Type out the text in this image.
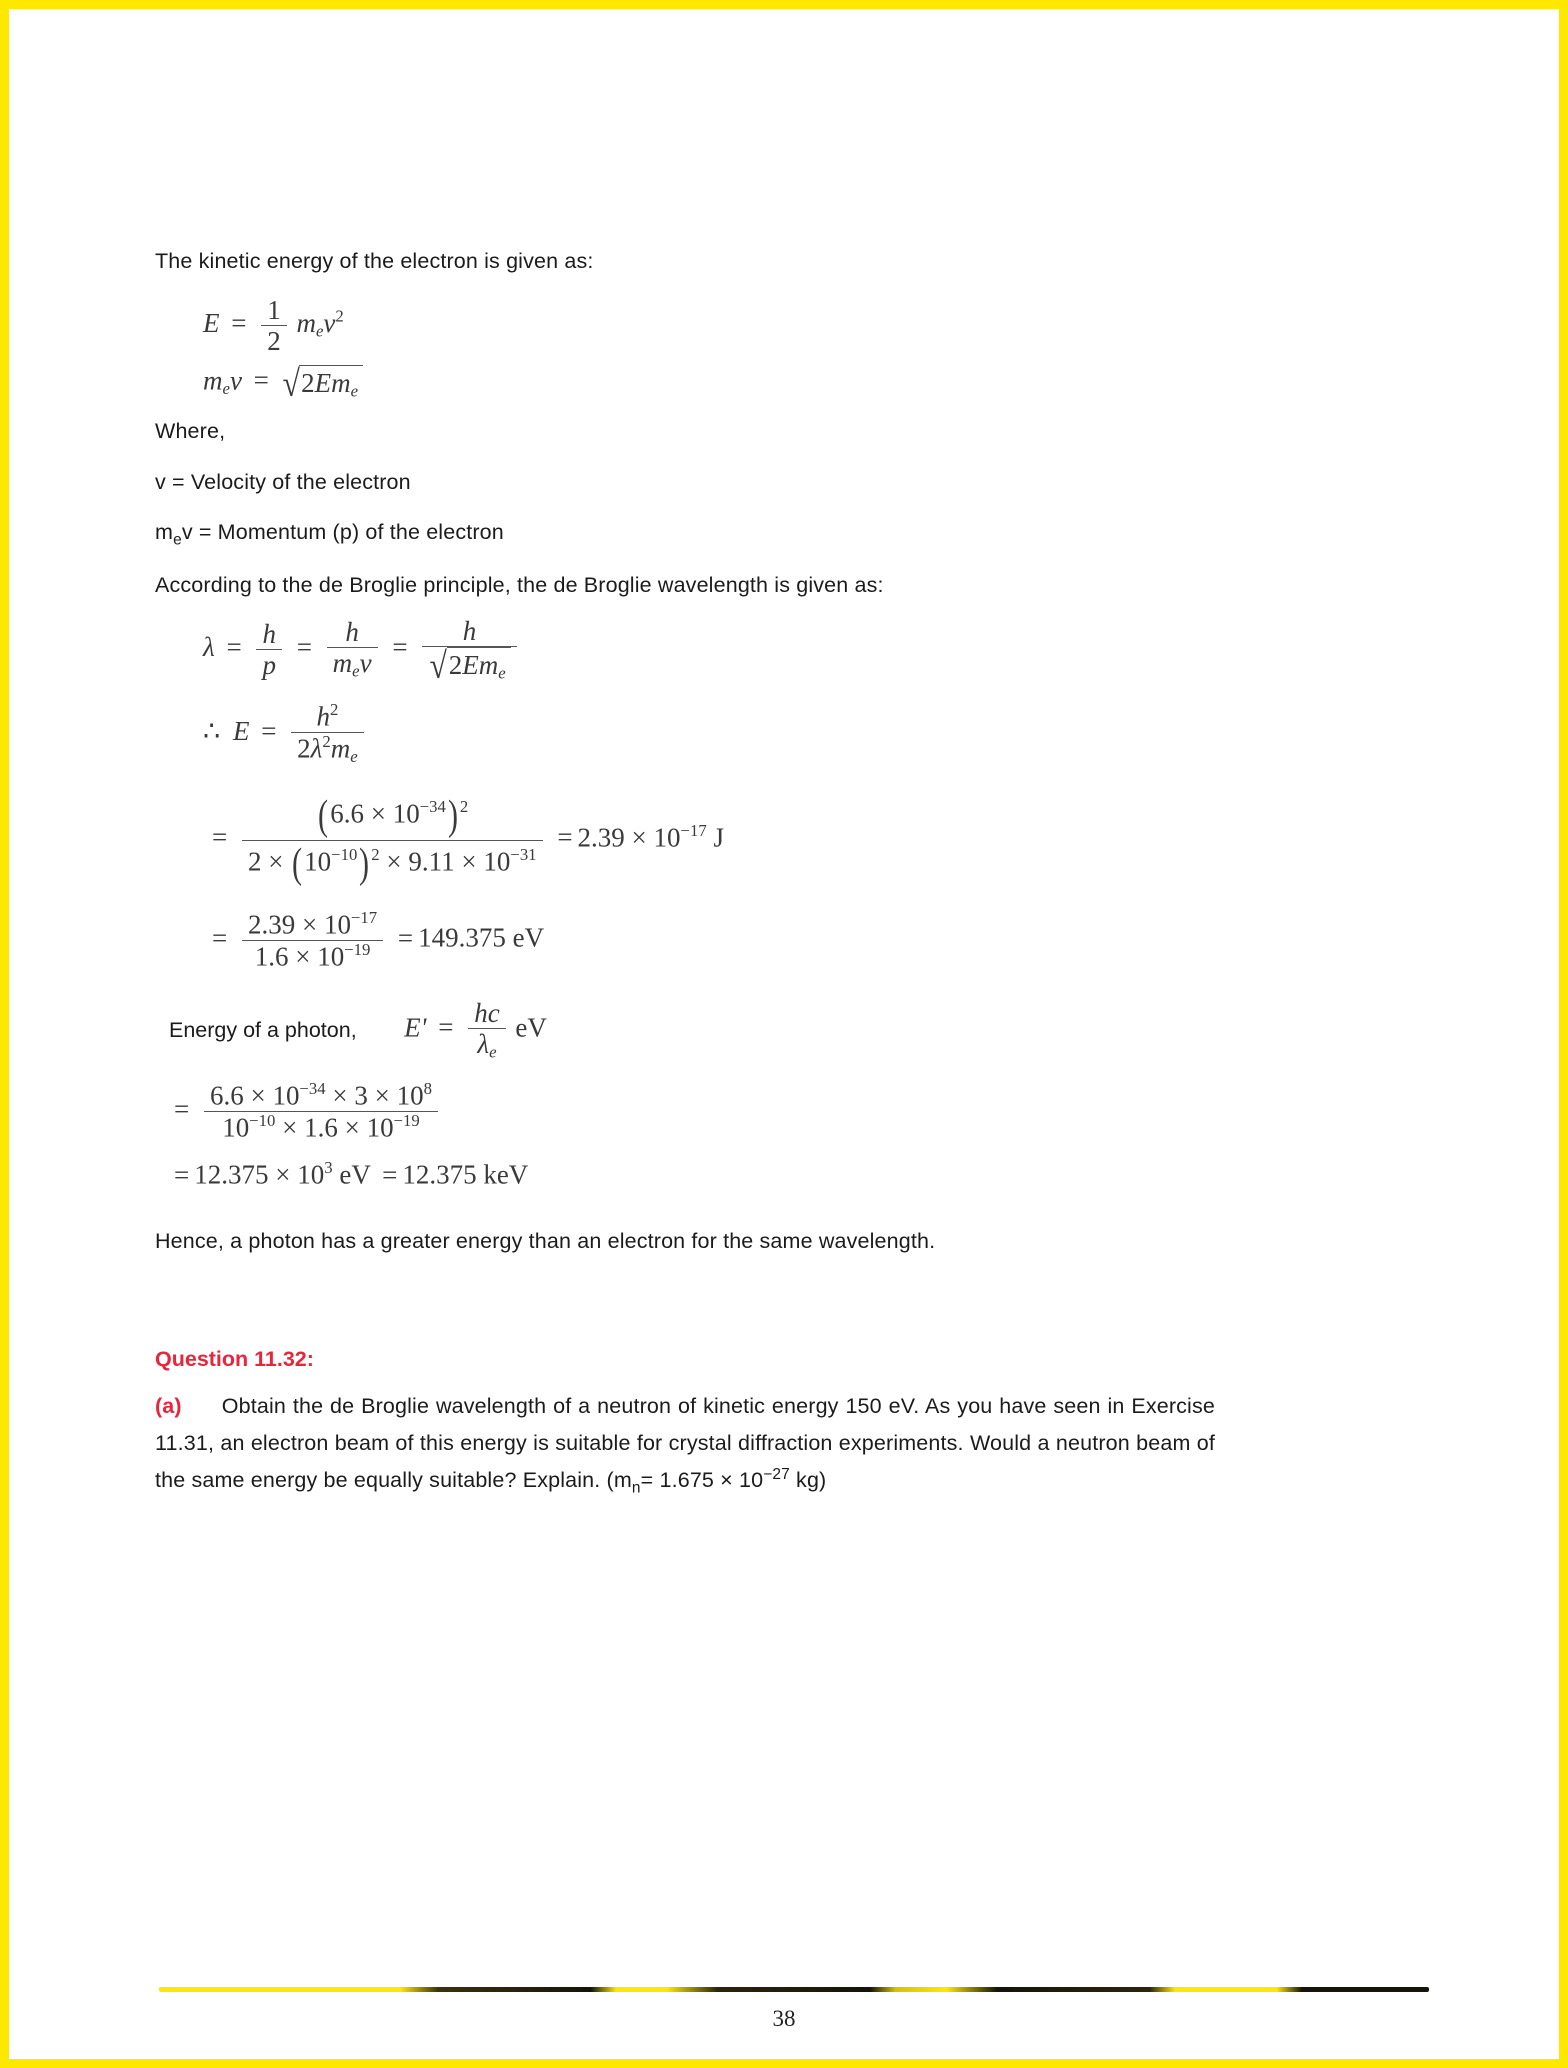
The kinetic energy of the electron is given as:

$E = \frac{1}{2} m_ev^2$
$m_ev = √2Em_e$

Where,

v = Velocity of the electron

$m_ev$ = Momentum (p) of the electron

According to the de Broglie principle, the de Broglie wavelength is given as:

$\lambda = \frac{h}{p} = \frac{h}{m_ev} = \frac{h}{√2Em_e}$
∴ $E = \frac{h^2}{2\lambda^2m_e}$
= $\frac{(6.6 \times 10^{-34}) ^2}{2 \times (10^{-10}) ^2 \times 9.11 \times 10^{-31}} = 2.39 \times 10^{-17}$ J
= $\frac{2.39 \times 10^{-17}}{1.6 \times 10^{-19}} = 149.375$ eV
Energy of a photon, $E' = \frac{hc}{\lambda_e}$ eV
= $\frac{6.6 \times 10^{-34} \times 3 \times 10^8}{10^{-10} \times 1.6 \times 10^{-19}}$
= $12.375 \times 10^3$ eV = 12.375 keV

Hence, a photon has a greater energy than an electron for the same wavelength.

Question 11.32:

(a) Obtain the de Broglie wavelength of a neutron of kinetic energy 150 eV. As you have seen in Exercise 11.31, an electron beam of this energy is suitable for crystal diffraction experiments. Would a neutron beam of the same energy be equally suitable? Explain. ($m_n= 1.675 \times 10^{-27}$ kg)

38
